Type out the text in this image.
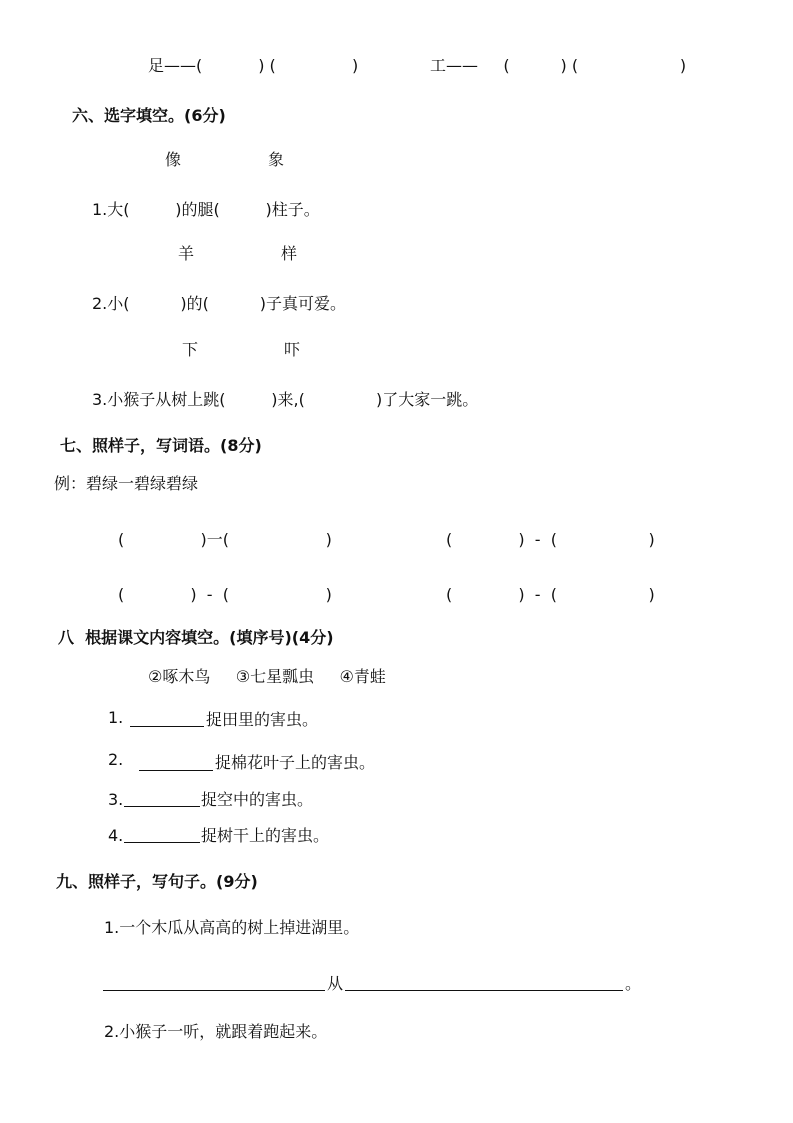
足——(           ) (               )	工——     (          ) (                    )
六、选字填空。(6分)
像	象
1.大(         )的腿(         )柱子。
羊	样
2.小(          )的(          )子真可爱。
下	吓
3.小猴子从树上跳(         )来,(              )了大家一跳。
七、照样子，写词语。(8分)
例：碧绿一碧绿碧绿
(               )一(                   )	(             )  -  (                  )
(             )  -  (                   )	(             )  -  (                  )
八  根据课文内容填空。(填序号)(4分)
②啄木鸟     ③七星瓢虫     ④青蛙
1.	捉田里的害虫。
2.	捉棉花叶子上的害虫。
3.	捉空中的害虫。
4.	捉树干上的害虫。
九、照样子，写句子。(9分)
1.一个木瓜从高高的树上掉进湖里。
从	。
2.小猴子一听，就跟着跑起来。
